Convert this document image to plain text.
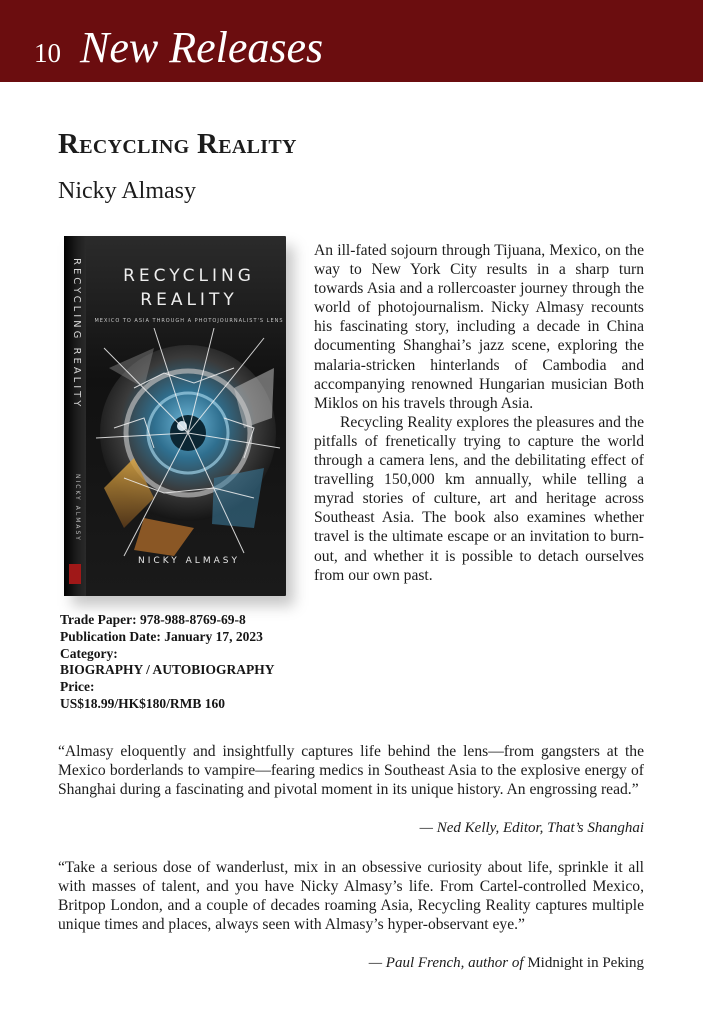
10 New Releases
Recycling Reality
Nicky Almasy
RECYCLING REALITY
NICKY ALMASY
RECYCLING
REALITY
MEXICO TO ASIA THROUGH A PHOTOJOURNALIST'S LENS
NICKY ALMASY
Trade Paper: 978-988-8769-69-8
Publication Date: January 17, 2023
Category:
BIOGRAPHY / AUTOBIOGRAPHY
Price:
US$18.99/HK$180/RMB 160

An ill-fated sojourn through Tijuana, Mexico, on the way to New York City results in a sharp turn towards Asia and a rollercoaster journey through the world of photojournalism. Nicky Almasy recounts his fascinating story, including a decade in China documenting Shanghai’s jazz scene, exploring the malaria-stricken hinterlands of Cambodia and accompanying renowned Hungarian musician Both Miklos on his travels through Asia.

Recycling Reality explores the pleasures and the pitfalls of frenetically trying to capture the world through a camera lens, and the debilitating effect of travelling 150,000 km annually, while telling a myrad stories of culture, art and heritage across Southeast Asia. The book also examines whether travel is the ultimate escape or an invitation to burn-out, and whether it is possible to detach ourselves from our own past.

“Almasy eloquently and insightfully captures life behind the lens—from gangsters at the Mexico borderlands to vampire—fearing medics in Southeast Asia to the explosive energy of Shanghai during a fascinating and pivotal moment in its unique history. An engrossing read.”

— Ned Kelly, Editor, That’s Shanghai

“Take a serious dose of wanderlust, mix in an obsessive curiosity about life, sprinkle it all with masses of talent, and you have Nicky Almasy’s life. From Cartel-controlled Mexico, Britpop London, and a couple of decades roaming Asia, Recycling Reality captures multiple unique times and places, always seen with Almasy’s hyper-observant eye.”

— Paul French, author of Midnight in Peking
